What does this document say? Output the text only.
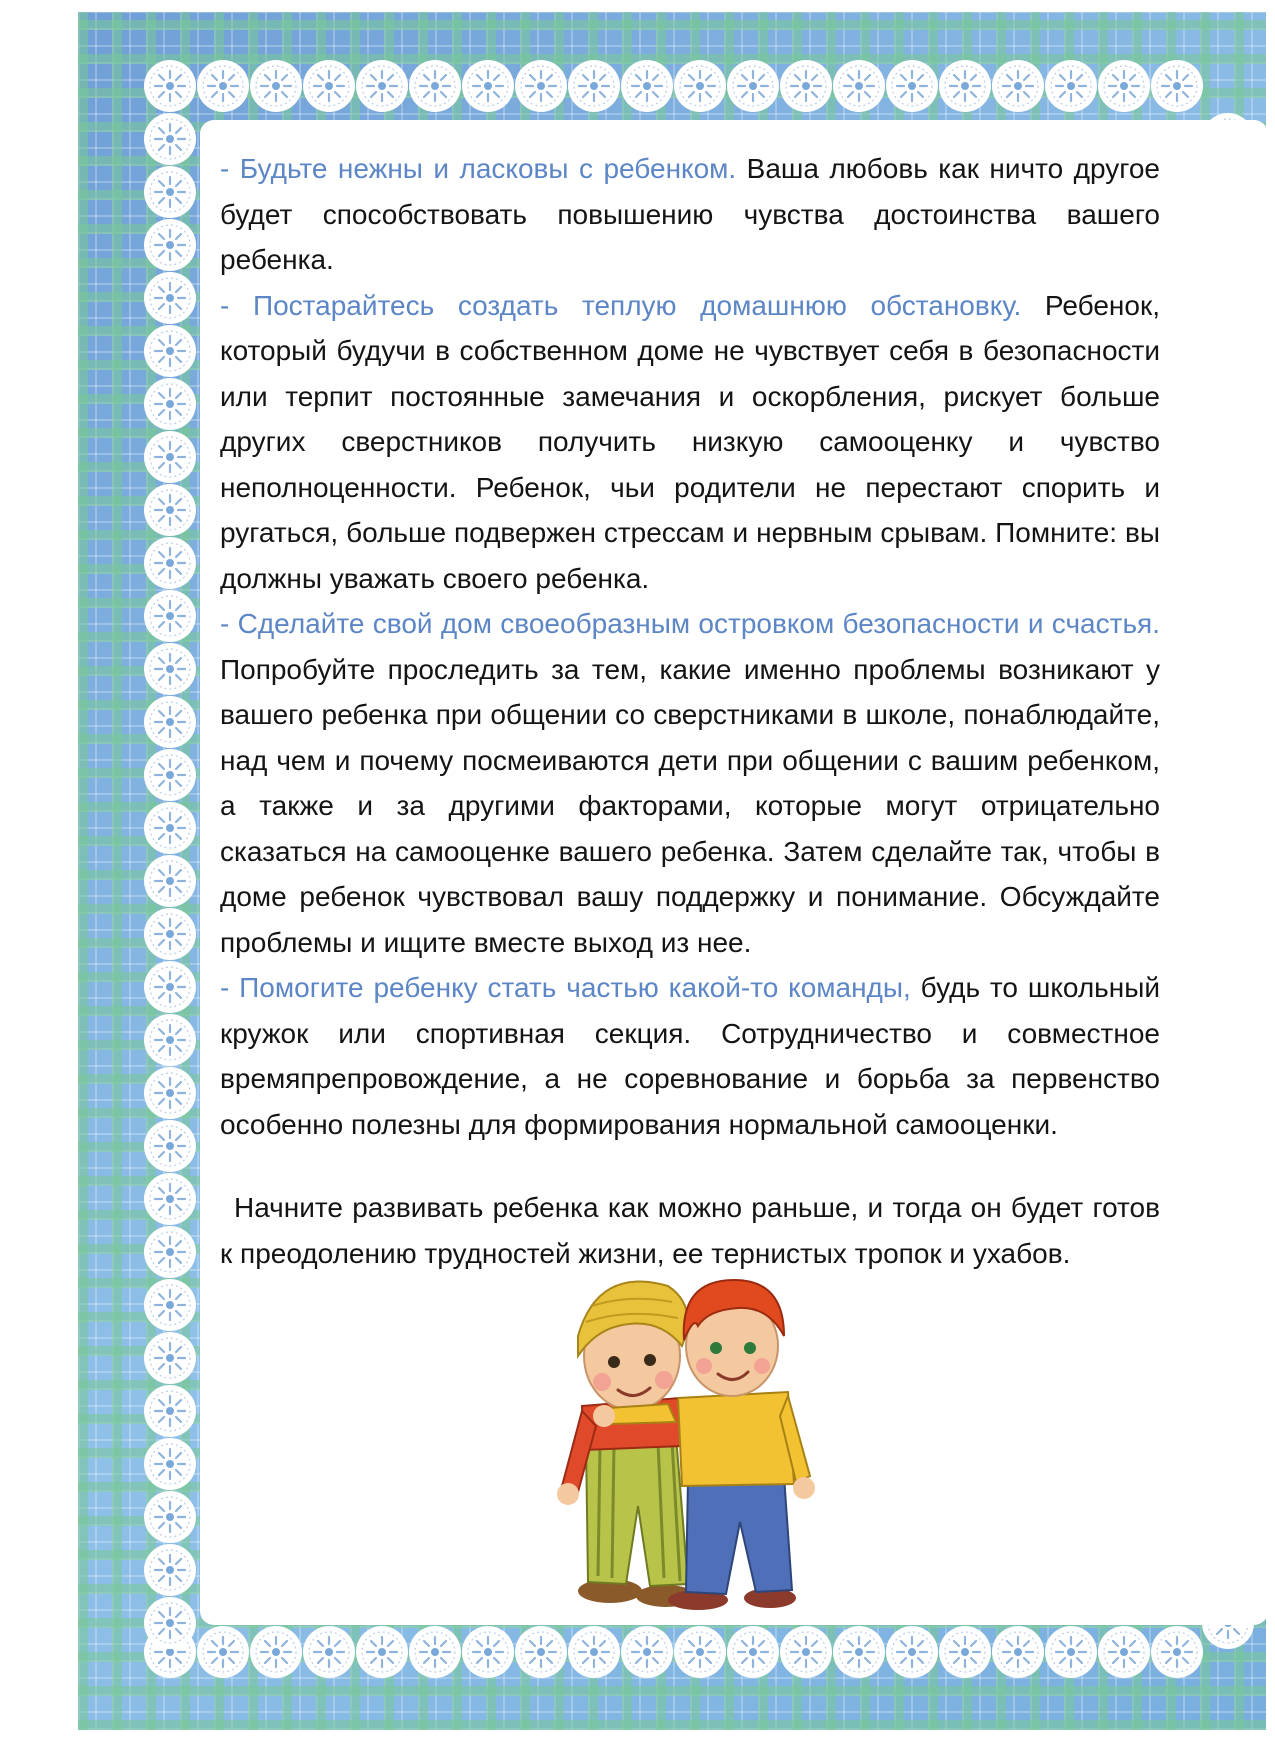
- Будьте нежны и ласковы с ребенком. Ваша любовь как ничто другое будет способствовать повышению чувства достоинства вашего ребенка.

- Постарайтесь создать теплую домашнюю обстановку. Ребенок, который будучи в собственном доме не чувствует себя в безопасности или терпит постоянные замечания и оскорбления, рискует больше других сверстников получить низкую самооценку и чувство неполноценности. Ребенок, чьи родители не перестают спорить и ругаться, больше подвержен стрессам и нервным срывам. Помните: вы должны уважать своего ребенка.

- Сделайте свой дом своеобразным островком безопасности и счастья. Попробуйте проследить за тем, какие именно проблемы возникают у вашего ребенка при общении со сверстниками в школе, понаблюдайте, над чем и почему посмеиваются дети при общении с вашим ребенком, а также и за другими факторами, которые могут отрицательно сказаться на самооценке вашего ребенка. Затем сделайте так, чтобы в доме ребенок чувствовал вашу поддержку и понимание. Обсуждайте проблемы и ищите вместе выход из нее.

- Помогите ребенку стать частью какой-то команды, будь то школьный кружок или спортивная секция. Сотрудничество и совместное времяпрепровождение, а не соревнование и борьба за первенство особенно полезны для формирования нормальной самооценки.

Начните развивать ребенка как можно раньше, и тогда он будет готов к преодолению трудностей жизни, ее тернистых тропок и ухабов.
